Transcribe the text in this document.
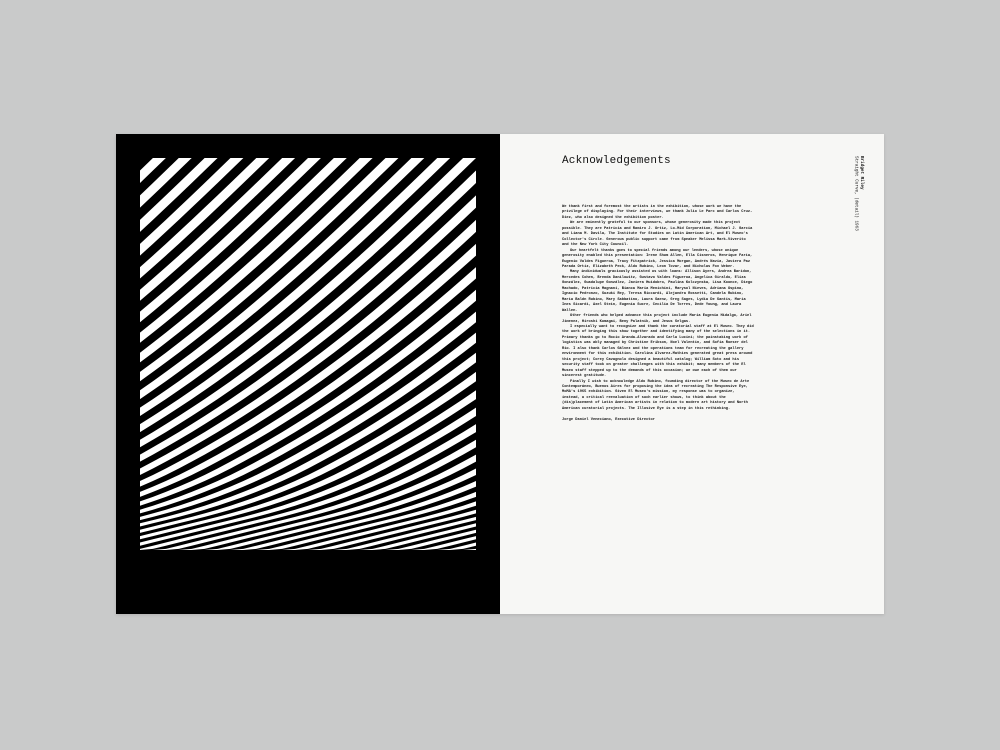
Acknowledgements	Bridget Riley
Straight Curve, (detail) 1963

We thank first and foremost the artists in the exhibition, whose work we have the privilege of displaying. For their interviews, we thank Julio Le Parc and Carlos Cruz-Diez, who also designed the exhibition poster.

We are eminently grateful to our sponsors, whose generosity made this project possible. They are Patricia and Ramiro J. Ortiz, Lo-Mid Corporation, Michael J. Garcia and Liana M. Davila, The Institute for Studies on Latin American Art, and El Museo's Collector's Circle. Generous public support came from Speaker Melissa Mark-Viverito and the New York City Council.

Our heartfelt thanks goes to special friends among our lenders, whose unique generosity enabled this presentation: Irene Shum Allen, Ella Cisneros, Henrique Faria, Eugenio Valdes Figueroa, Tracy Fitzpatrick, Jessica Morgan, Andrés Navia, Javiera Paz Parada Ortiz, Elizabeth Peck, Aldo Rubino, Leon Tovar, and Nicholas Fox Weber.

Many individuals graciously assisted us with loans: Allison Ayers, Andrea Baridon, Mercedes Cohen, Brenda Danilowitz, Gustavo Valdes Figueroa, Angelica Giraldo, Eliza González, Guadalupe González, Javiera Huidobro, Paulina Kolczynska, Lisa Koonce, Diego Machado, Patricia Magnani, Bianca Maria Menichini, Marysol Nieves, Adriana Ospina, Ignacio Pedronzo, Suzuki Rey, Teresa Riccardi, Alejandra Rossetti, Candela Rubino, Maria Baldn Rubino, Mary Sabbatino, Laura Saenz, Greg Sages, Lydia De Santis, Maria Ines Sicardi, Axel Stein, Eugenia Sucre, Cecilia De Torres, Dede Young, and Laura Wallen.

Other friends who helped advance this project include Maria Eugenia Hidalgo, Ariel Jimenez, Hiroshi Kumagai, Beny Palatnik, and Jesus Selgas.

I especially want to recognize and thank the curatorial staff at El Museo. They did the work of bringing this show together and identifying many of the selections in it. Primary thanks go to Rocio Aranda-Alvarado and Carla Lucini; the painstaking work of logistics was ably managed by Christine Erikson, Noel Valentin, and Sofia Roeser del Rio. I also thank Carlos Gálvez and the operations team for recreating the gallery environment for this exhibition. Carolina Alvarez-Mathies generated great press around this project; Corey Cavagnolo designed a beautiful catalog; William Soto and his security staff took on greater challenges with this exhibit; many members of the El Museo staff stepped up to the demands of this occasion; we owe each of them our sincerest gratitude.

Finally I wish to acknowledge Aldo Rubino, founding director of the Museo de Arte Contemporáneo, Buenos Aires for proposing the idea of recreating The Responsive Eye, MoMA's 1965 exhibition. Given El Museo's mission, my response was to organize, instead, a critical reevaluation of such earlier shows, to think about the (dis)placement of Latin American artists in relation to modern art history and North American curatorial projects. The Illusive Eye is a step in this rethinking.

Jorge Daniel Veneciano, Executive Director
